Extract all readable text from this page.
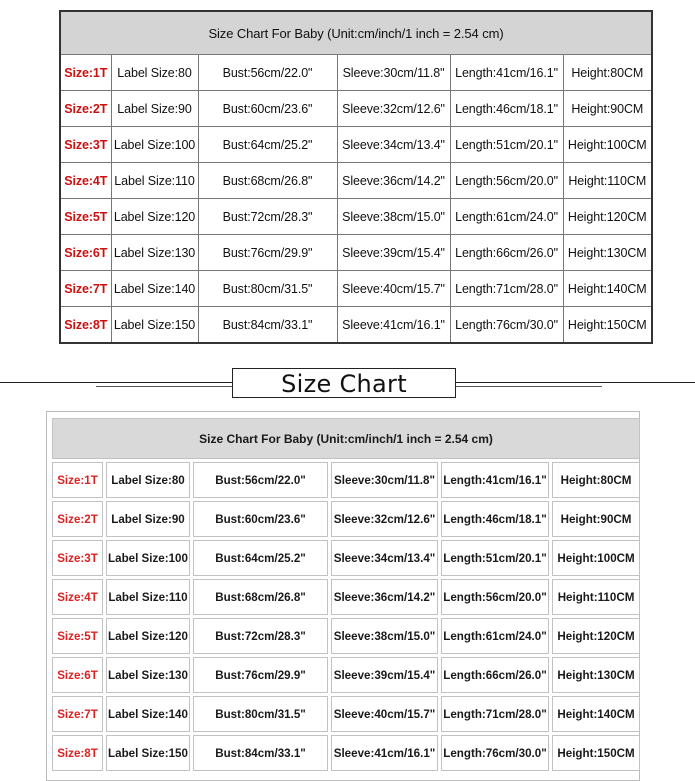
Size Chart For Baby (Unit:cm/inch/1 inch = 2.54 cm)					
Size:1T	Label Size:80	Bust:56cm/22.0"	Sleeve:30cm/11.8"	Length:41cm/16.1"	Height:80CM
Size:2T	Label Size:90	Bust:60cm/23.6"	Sleeve:32cm/12.6"	Length:46cm/18.1"	Height:90CM
Size:3T	Label Size:100	Bust:64cm/25.2"	Sleeve:34cm/13.4"	Length:51cm/20.1"	Height:100CM
Size:4T	Label Size:110	Bust:68cm/26.8"	Sleeve:36cm/14.2"	Length:56cm/20.0"	Height:110CM
Size:5T	Label Size:120	Bust:72cm/28.3"	Sleeve:38cm/15.0"	Length:61cm/24.0"	Height:120CM
Size:6T	Label Size:130	Bust:76cm/29.9"	Sleeve:39cm/15.4"	Length:66cm/26.0"	Height:130CM
Size:7T	Label Size:140	Bust:80cm/31.5"	Sleeve:40cm/15.7"	Length:71cm/28.0"	Height:140CM
Size:8T	Label Size:150	Bust:84cm/33.1"	Sleeve:41cm/16.1"	Length:76cm/30.0"	Height:150CM
Size Chart
Size Chart For Baby (Unit:cm/inch/1 inch = 2.54 cm)					
Size:1T	Label Size:80	Bust:56cm/22.0"	Sleeve:30cm/11.8"	Length:41cm/16.1"	Height:80CM
Size:2T	Label Size:90	Bust:60cm/23.6"	Sleeve:32cm/12.6"	Length:46cm/18.1"	Height:90CM
Size:3T	Label Size:100	Bust:64cm/25.2"	Sleeve:34cm/13.4"	Length:51cm/20.1"	Height:100CM
Size:4T	Label Size:110	Bust:68cm/26.8"	Sleeve:36cm/14.2"	Length:56cm/20.0"	Height:110CM
Size:5T	Label Size:120	Bust:72cm/28.3"	Sleeve:38cm/15.0"	Length:61cm/24.0"	Height:120CM
Size:6T	Label Size:130	Bust:76cm/29.9"	Sleeve:39cm/15.4"	Length:66cm/26.0"	Height:130CM
Size:7T	Label Size:140	Bust:80cm/31.5"	Sleeve:40cm/15.7"	Length:71cm/28.0"	Height:140CM
Size:8T	Label Size:150	Bust:84cm/33.1"	Sleeve:41cm/16.1"	Length:76cm/30.0"	Height:150CM
